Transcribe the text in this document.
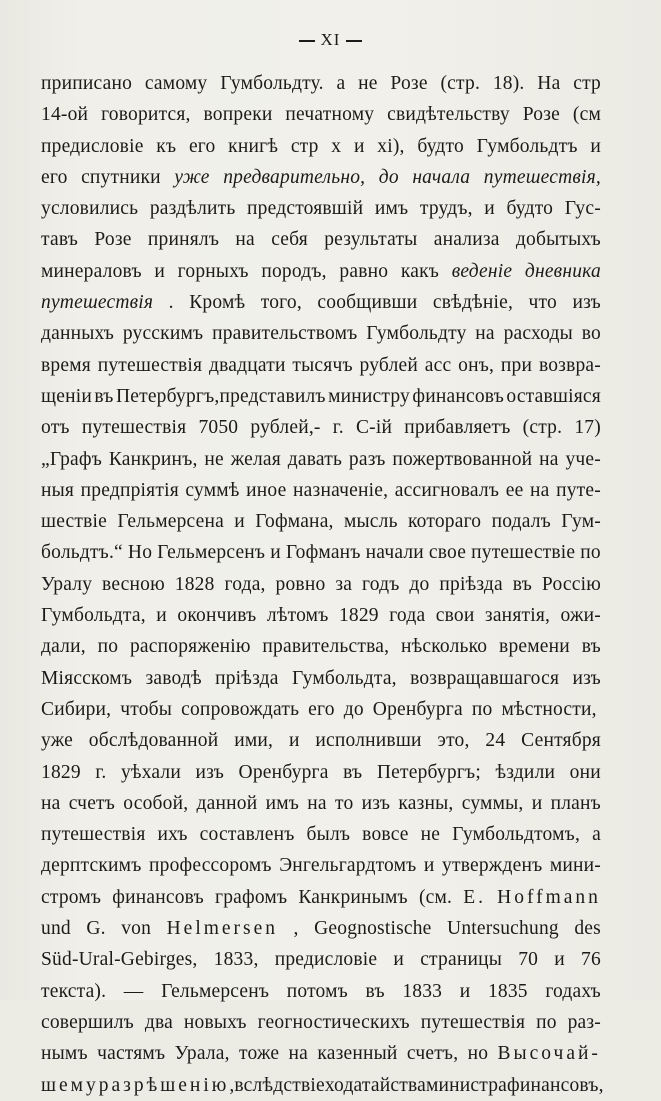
XI
приписано самому Гумбольдту. а не Розе (стр. 18). На стр
14-ой говорится, вопреки печатному свидѣтельству Розе (см
предисловіе къ его книгѣ стр x и xi), будто Гумбольдтъ и
его спутники уже предварительно, до начала путешествія,
условились раздѣлить предстоявшій имъ трудъ, и будто Гус-
тавъ Розе принялъ на себя результаты анализа добытыхъ
минераловъ и горныхъ породъ, равно какъ веденіе дневника
путешествія . Кромѣ того, сообщивши свѣдѣніе, что изъ
данныхъ русскимъ правительствомъ Гумбольдту на расходы во
время путешествія двадцати тысячъ рублей асс онъ, при возвра-
щеніи въ Петербургъ,представилъ министру финансовъ оставшіяся
отъ путешествія 7050 рублей,- г. С-ій прибавляетъ (стр. 17)
„Графъ Канкринъ, не желая давать разъ пожертвованной на уче-
ныя предпріятія суммѣ иное назначеніе, ассигновалъ ее на путе-
шествіе Гельмерсена и Гофмана, мысль котораго подалъ Гум-
больдтъ.“ Но Гельмерсенъ и Гофманъ начали свое путешествіе по
Уралу весною 1828 года, ровно за годъ до пріѣзда въ Россію
Гумбольдта, и окончивъ лѣтомъ 1829 года свои занятія, ожи-
дали, по распоряженію правительства, нѣсколько времени въ
Міясскомъ заводѣ пріѣзда Гумбольдта, возвращавшагося изъ
Сибири, чтобы сопровождать его до Оренбурга по мѣстности,
уже обслѣдованной ими, и исполнивши это, 24 Сентября
1829 г. уѣхали изъ Оренбурга въ Петербургъ; ѣздили они
на счетъ особой, данной имъ на то изъ казны, суммы, и планъ
путешествія ихъ составленъ былъ вовсе не Гумбольдтомъ, а
дерптскимъ профессоромъ Энгельгардтомъ и утвержденъ мини-
стромъ финансовъ графомъ Канкринымъ (см. E. Hoffmann
und G. von Helmersen , Geognostische Untersuchung des
Süd-Ural-Gebirges, 1833, предисловіе и страницы 70 и 76
текста). — Гельмерсенъ потомъ въ 1833 и 1835 годахъ
совершилъ два новыхъ геогностическихъ путешествія по раз-
нымъ частямъ Урала, тоже на казенный счетъ, но Высочай-
шему разрѣшенію , вслѣдствіе ходатайства министра финансовъ,
